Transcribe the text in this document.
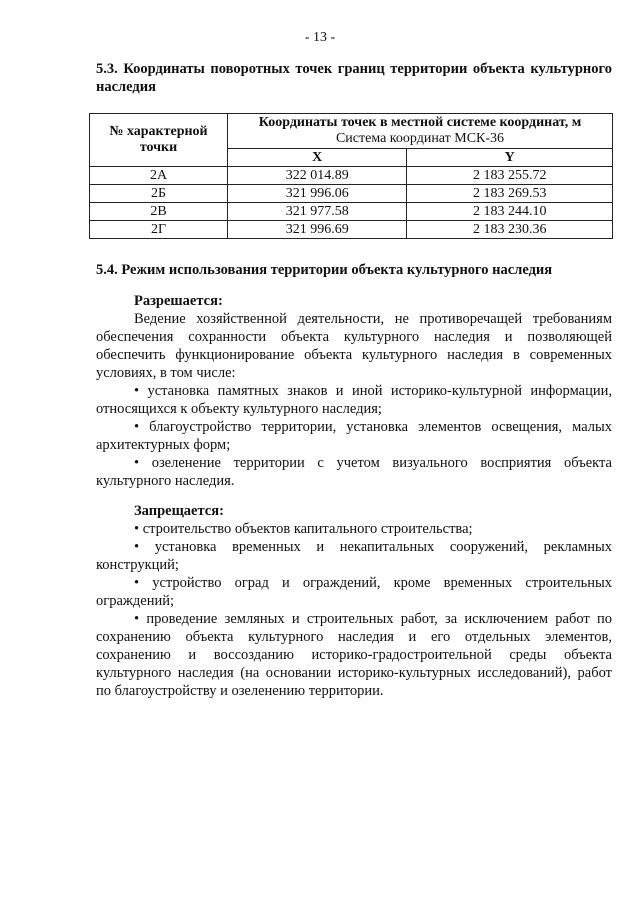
- 13 -
5.3. Координаты поворотных точек границ территории объекта культурного наследия
№ характерной точки	Координаты точек в местной системе координат, м
Система координат МСК-36	

	X	Y
2А	322 014.89	2 183 255.72
2Б	321 996.06	2 183 269.53
2В	321 977.58	2 183 244.10
2Г	321 996.69	2 183 230.36
5.4. Режим использования территории объекта культурного наследия
Разрешается:

Ведение хозяйственной деятельности, не противоречащей требованиям обеспечения сохранности объекта культурного наследия и позволяющей обеспечить функционирование объекта культурного наследия в современных условиях, в том числе:

• установка памятных знаков и иной историко-культурной информации, относящихся к объекту культурного наследия;

• благоустройство территории, установка элементов освещения, малых архитектурных форм;

• озеленение территории с учетом визуального восприятия объекта культурного наследия.

Запрещается:

• строительство объектов капитального строительства;

• установка временных и некапитальных сооружений, рекламных конструкций;

• устройство оград и ограждений, кроме временных строительных ограждений;

• проведение земляных и строительных работ, за исключением работ по сохранению объекта культурного наследия и его отдельных элементов, сохранению и воссозданию историко-градостроительной среды объекта культурного наследия (на основании историко-культурных исследований), работ по благоустройству и озеленению территории.
